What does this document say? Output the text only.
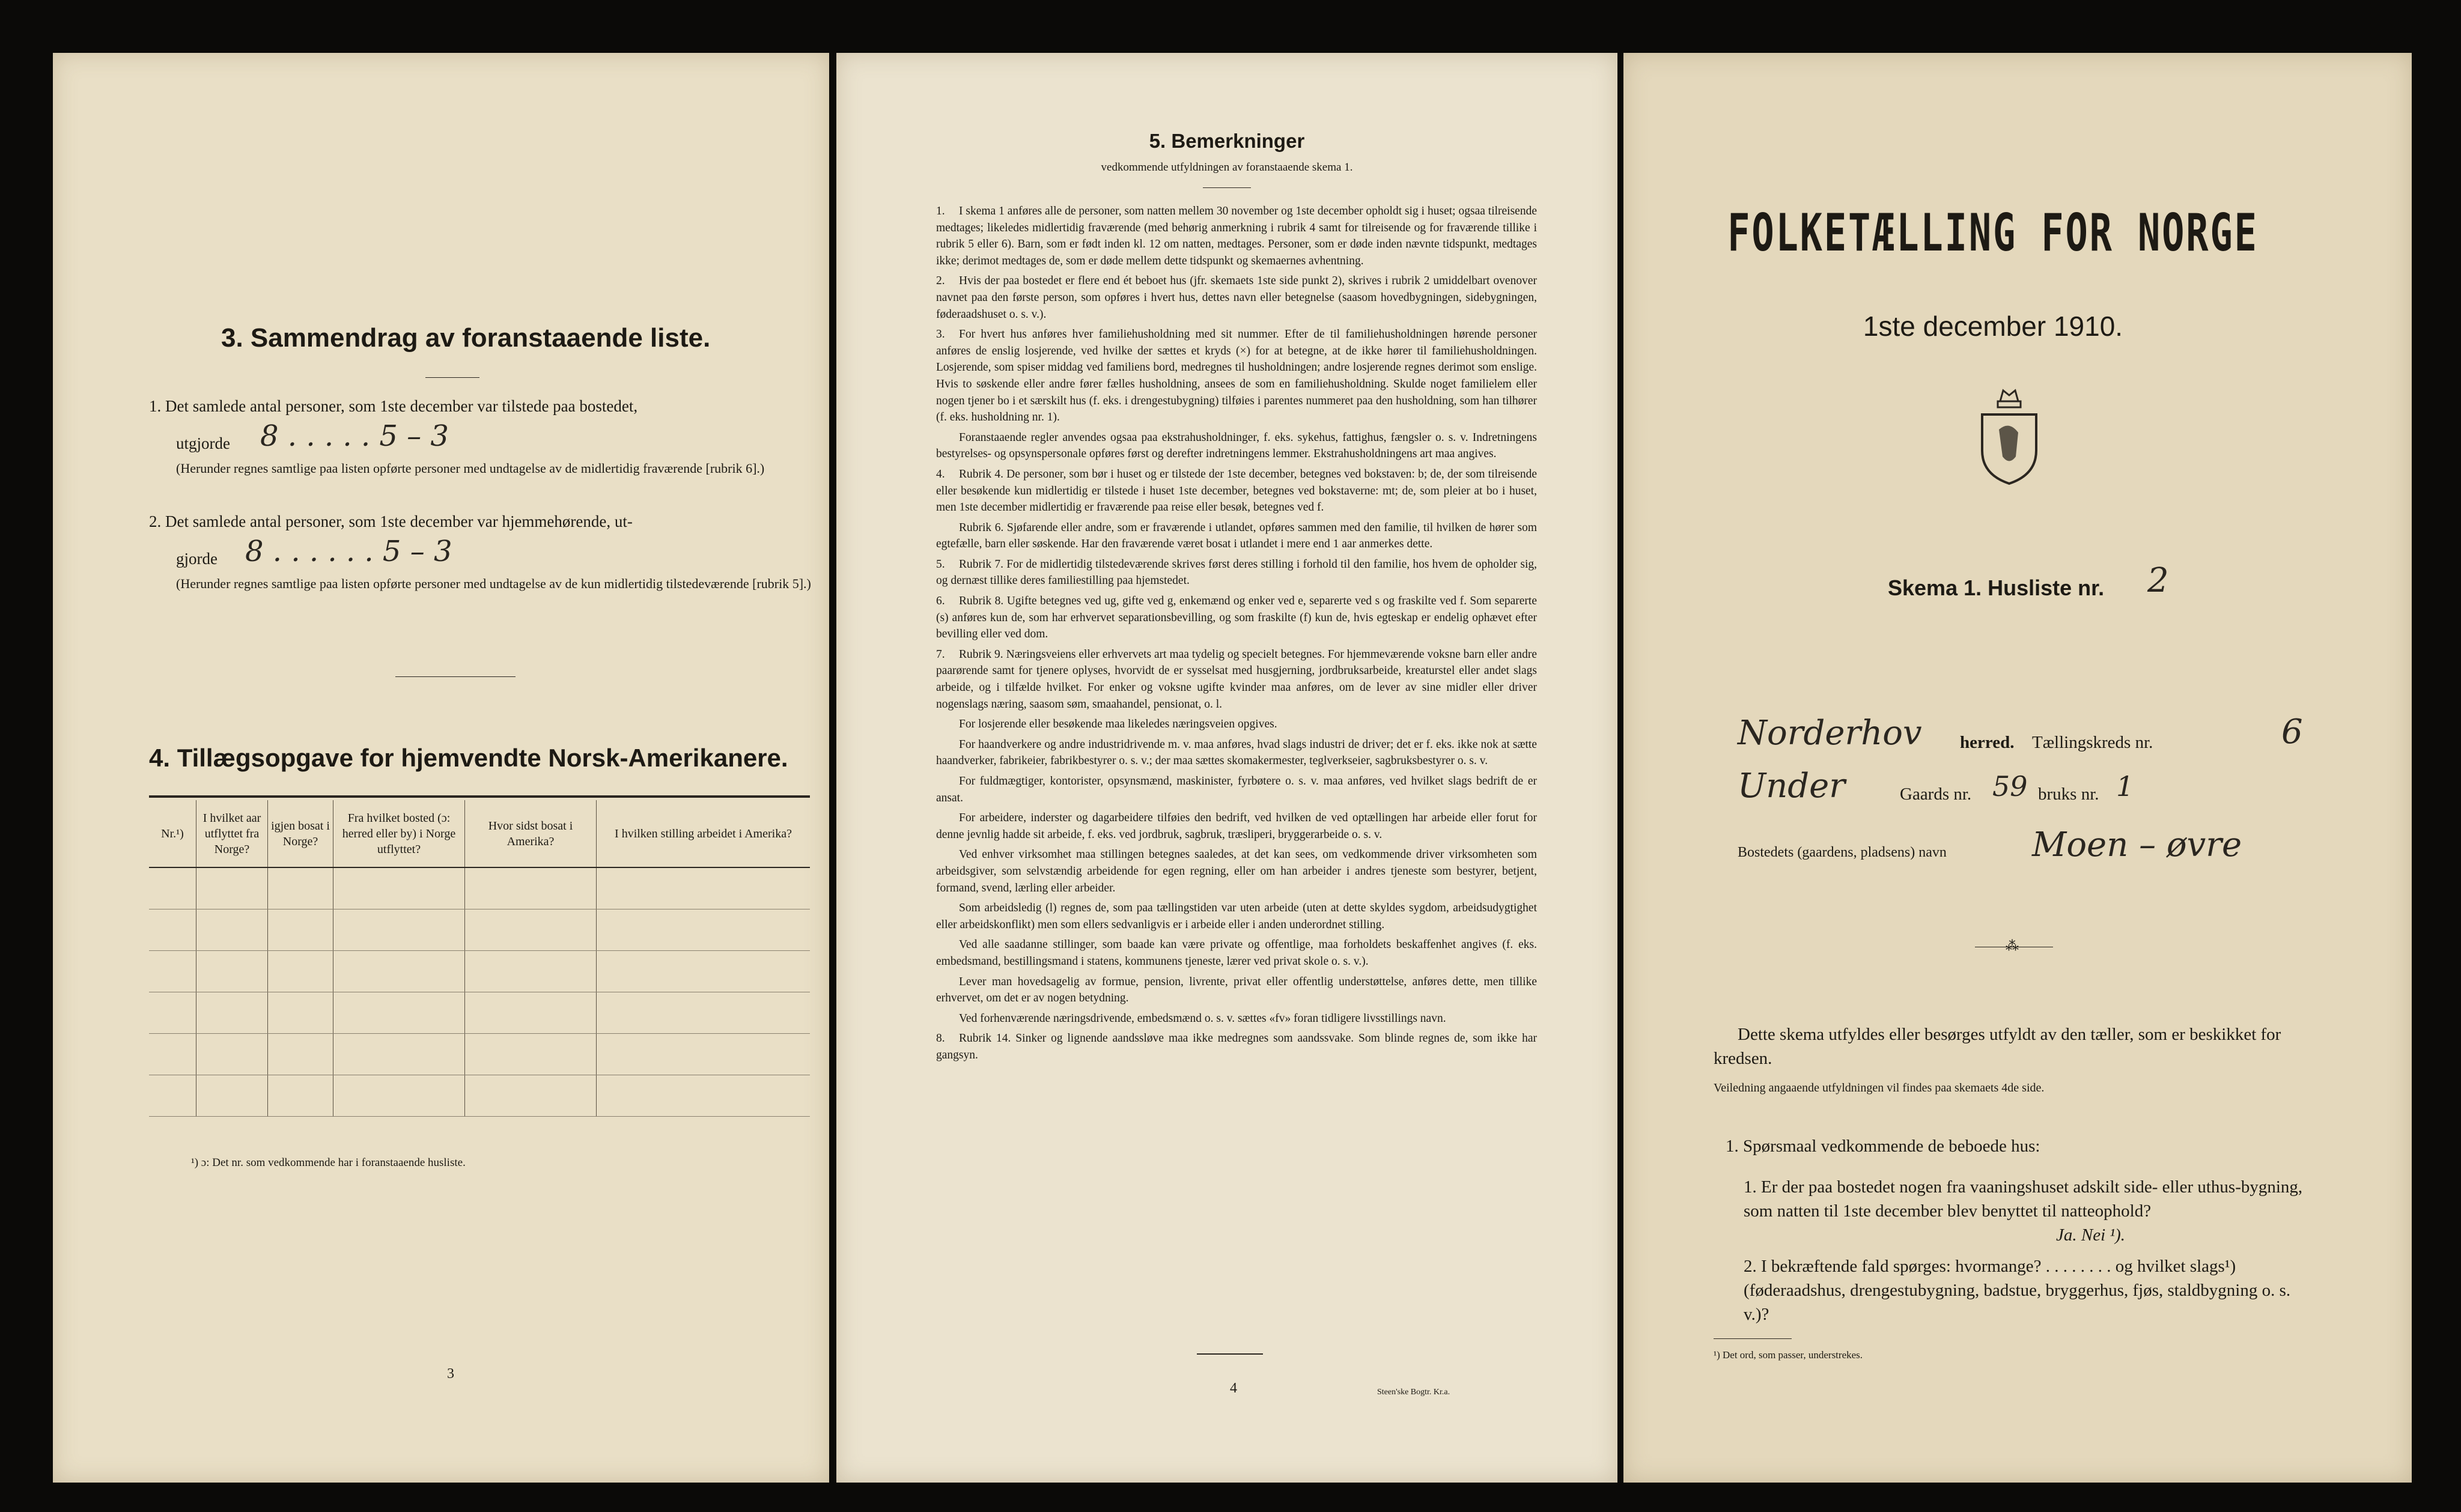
3. Sammendrag av foranstaaende liste.
1. Det samlede antal personer, som 1ste december var tilstede paa bostedet,
utgjorde 8 . . . . . 5 – 3
(Herunder regnes samtlige paa listen opførte personer med undtagelse av de midlertidig fraværende [rubrik 6].)
2. Det samlede antal personer, som 1ste december var hjemmehørende, ut-
gjorde 8 . . . . . . 5 – 3
(Herunder regnes samtlige paa listen opførte personer med undtagelse av de kun midlertidig tilstedeværende [rubrik 5].)
4. Tillægsopgave for hjemvendte Norsk-Amerikanere.
Nr.¹)	I hvilket aar utflyttet fra Norge?	igjen bosat i Norge?	Fra hvilket bosted (ɔ: herred eller by) i Norge utflyttet?	Hvor sidst bosat i Amerika?	I hvilken stilling arbeidet i Amerika?

¹) ɔ: Det nr. som vedkommende har i foranstaaende husliste.
3
5. Bemerkninger
vedkommende utfyldningen av foranstaaende skema 1.

1. I skema 1 anføres alle de personer, som natten mellem 30 november og 1ste december opholdt sig i huset; ogsaa tilreisende medtages; likeledes midlertidig fraværende (med behørig anmerkning i rubrik 4 samt for tilreisende og for fraværende tillike i rubrik 5 eller 6). Barn, som er født inden kl. 12 om natten, medtages. Personer, som er døde inden nævnte tidspunkt, medtages ikke; derimot medtages de, som er døde mellem dette tidspunkt og skemaernes avhentning.

2. Hvis der paa bostedet er flere end ét beboet hus (jfr. skemaets 1ste side punkt 2), skrives i rubrik 2 umiddelbart ovenover navnet paa den første person, som opføres i hvert hus, dettes navn eller betegnelse (saasom hovedbygningen, sidebygningen, føderaadshuset o. s. v.).

3. For hvert hus anføres hver familiehusholdning med sit nummer. Efter de til familiehusholdningen hørende personer anføres de enslig losjerende, ved hvilke der sættes et kryds (×) for at betegne, at de ikke hører til familiehusholdningen. Losjerende, som spiser middag ved familiens bord, medregnes til husholdningen; andre losjerende regnes derimot som enslige. Hvis to søskende eller andre fører fælles husholdning, ansees de som en familiehusholdning. Skulde noget familielem eller nogen tjener bo i et særskilt hus (f. eks. i drengestubygning) tilføies i parentes nummeret paa den husholdning, som han tilhører (f. eks. husholdning nr. 1).

Foranstaaende regler anvendes ogsaa paa ekstrahusholdninger, f. eks. sykehus, fattighus, fængsler o. s. v. Indretningens bestyrelses- og opsynspersonale opføres først og derefter indretningens lemmer. Ekstrahusholdningens art maa angives.

4. Rubrik 4. De personer, som bør i huset og er tilstede der 1ste december, betegnes ved bokstaven: b; de, der som tilreisende eller besøkende kun midlertidig er tilstede i huset 1ste december, betegnes ved bokstaverne: mt; de, som pleier at bo i huset, men 1ste december midlertidig er fraværende paa reise eller besøk, betegnes ved f.

Rubrik 6. Sjøfarende eller andre, som er fraværende i utlandet, opføres sammen med den familie, til hvilken de hører som egtefælle, barn eller søskende. Har den fraværende været bosat i utlandet i mere end 1 aar anmerkes dette.

5. Rubrik 7. For de midlertidig tilstedeværende skrives først deres stilling i forhold til den familie, hos hvem de opholder sig, og dernæst tillike deres familiestilling paa hjemstedet.

6. Rubrik 8. Ugifte betegnes ved ug, gifte ved g, enkemænd og enker ved e, separerte ved s og fraskilte ved f. Som separerte (s) anføres kun de, som har erhvervet separationsbevilling, og som fraskilte (f) kun de, hvis egteskap er endelig ophævet efter bevilling eller ved dom.

7. Rubrik 9. Næringsveiens eller erhvervets art maa tydelig og specielt betegnes. For hjemmeværende voksne barn eller andre paarørende samt for tjenere oplyses, hvorvidt de er sysselsat med husgjerning, jordbruksarbeide, kreaturstel eller andet slags arbeide, og i tilfælde hvilket. For enker og voksne ugifte kvinder maa anføres, om de lever av sine midler eller driver nogenslags næring, saasom søm, smaahandel, pensionat, o. l.

For losjerende eller besøkende maa likeledes næringsveien opgives.

For haandverkere og andre industridrivende m. v. maa anføres, hvad slags industri de driver; det er f. eks. ikke nok at sætte haandverker, fabrikeier, fabrikbestyrer o. s. v.; der maa sættes skomakermester, teglverkseier, sagbruksbestyrer o. s. v.

For fuldmægtiger, kontorister, opsynsmænd, maskinister, fyrbøtere o. s. v. maa anføres, ved hvilket slags bedrift de er ansat.

For arbeidere, inderster og dagarbeidere tilføies den bedrift, ved hvilken de ved optællingen har arbeide eller forut for denne jevnlig hadde sit arbeide, f. eks. ved jordbruk, sagbruk, træsliperi, bryggerarbeide o. s. v.

Ved enhver virksomhet maa stillingen betegnes saaledes, at det kan sees, om vedkommende driver virksomheten som arbeidsgiver, som selvstændig arbeidende for egen regning, eller om han arbeider i andres tjeneste som bestyrer, betjent, formand, svend, lærling eller arbeider.

Som arbeidsledig (l) regnes de, som paa tællingstiden var uten arbeide (uten at dette skyldes sygdom, arbeidsudygtighet eller arbeidskonflikt) men som ellers sedvanligvis er i arbeide eller i anden underordnet stilling.

Ved alle saadanne stillinger, som baade kan være private og offentlige, maa forholdets beskaffenhet angives (f. eks. embedsmand, bestillingsmand i statens, kommunens tjeneste, lærer ved privat skole o. s. v.).

Lever man hovedsagelig av formue, pension, livrente, privat eller offentlig understøttelse, anføres dette, men tillike erhvervet, om det er av nogen betydning.

Ved forhenværende næringsdrivende, embedsmænd o. s. v. sættes «fv» foran tidligere livsstillings navn.

8. Rubrik 14. Sinker og lignende aandssløve maa ikke medregnes som aandssvake. Som blinde regnes de, som ikke har gangsyn.

4	Steen'ske Bogtr. Kr.a.
FOLKETÆLLING FOR NORGE
1ste december 1910.
Skema 1. Husliste nr. 2
Norderhov herred. Tællingskreds nr.	6
Under	Gaards nr. 59 bruks nr. 1
Bostedets (gaardens, pladsens) navn	Moen – øvre
⁂
Dette skema utfyldes eller besørges utfyldt av den tæller, som er beskikket for kredsen.
Veiledning angaaende utfyldningen vil findes paa skemaets 4de side.
1. Spørsmaal vedkommende de beboede hus:
1. Er der paa bostedet nogen fra vaaningshuset adskilt side- eller uthus-bygning, som natten til 1ste december blev benyttet til natteophold?
Ja. Nei ¹).
2. I bekræftende fald spørges: hvormange? . . . . . . . . og hvilket slags¹) (føderaadshus, drengestubygning, badstue, bryggerhus, fjøs, staldbygning o. s. v.)?
¹) Det ord, som passer, understrekes.
